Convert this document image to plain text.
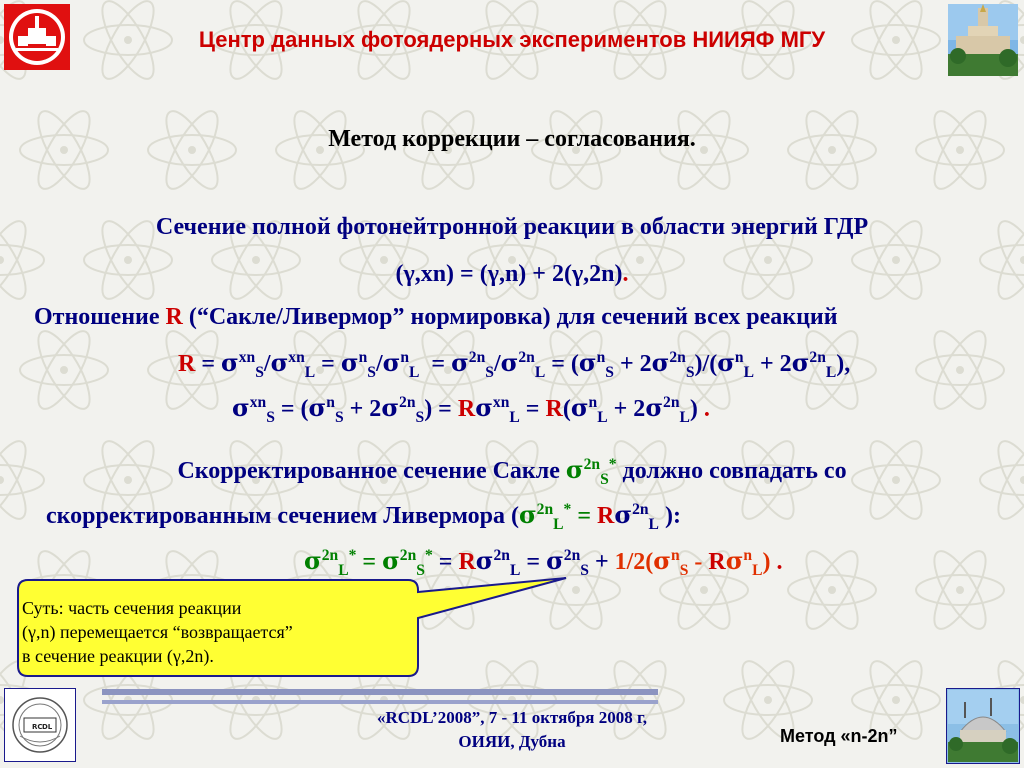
Центр данных фотоядерных экспериментов НИИЯФ МГУ
Метод коррекции – согласования.
Сечение полной фотонейтронной реакции в области энергий ГДР
(γ,xn) = (γ,n) + 2(γ,2n).
Отношение R (“Сакле/Ливермор” нормировка) для сечений всех реакций
$R = \sigma^{xn}_S/\sigma^{xn}_L = \sigma^n_S/\sigma^n_L = \sigma^{2n}_S/\sigma^{2n}_L = (\sigma^n_S + 2\sigma^{2n}_S)/(\sigma^n_L + 2\sigma^{2n}_L)$,
$\sigma^{xn}_S = (\sigma^n_S + 2\sigma^{2n}_S) = R\sigma^{xn}_L = R(\sigma^n_L + 2\sigma^{2n}_L)$ .
Скорректированное сечение Сакле $\sigma^{2n}_S^*$ должно совпадать со
скорректированным сечением Ливермора ($\sigma^{2n}_L^* = R\sigma^{2n}_L$ ):
$\sigma^{2n}_L^* = \sigma^{2n}_S^* = R\sigma^{2n}_L = \sigma^{2n}_S + 1/2(\sigma^n_S - R\sigma^n_L)$ .
Суть: часть сечения реакции
(γ,n) перемещается “возвращается”
в сечение реакции (γ,2n).
RC DL	«RCDL’2008”, 7 - 11 октября 2008 г,
ОИЯИ, Дубна	Метод «n-2n”
